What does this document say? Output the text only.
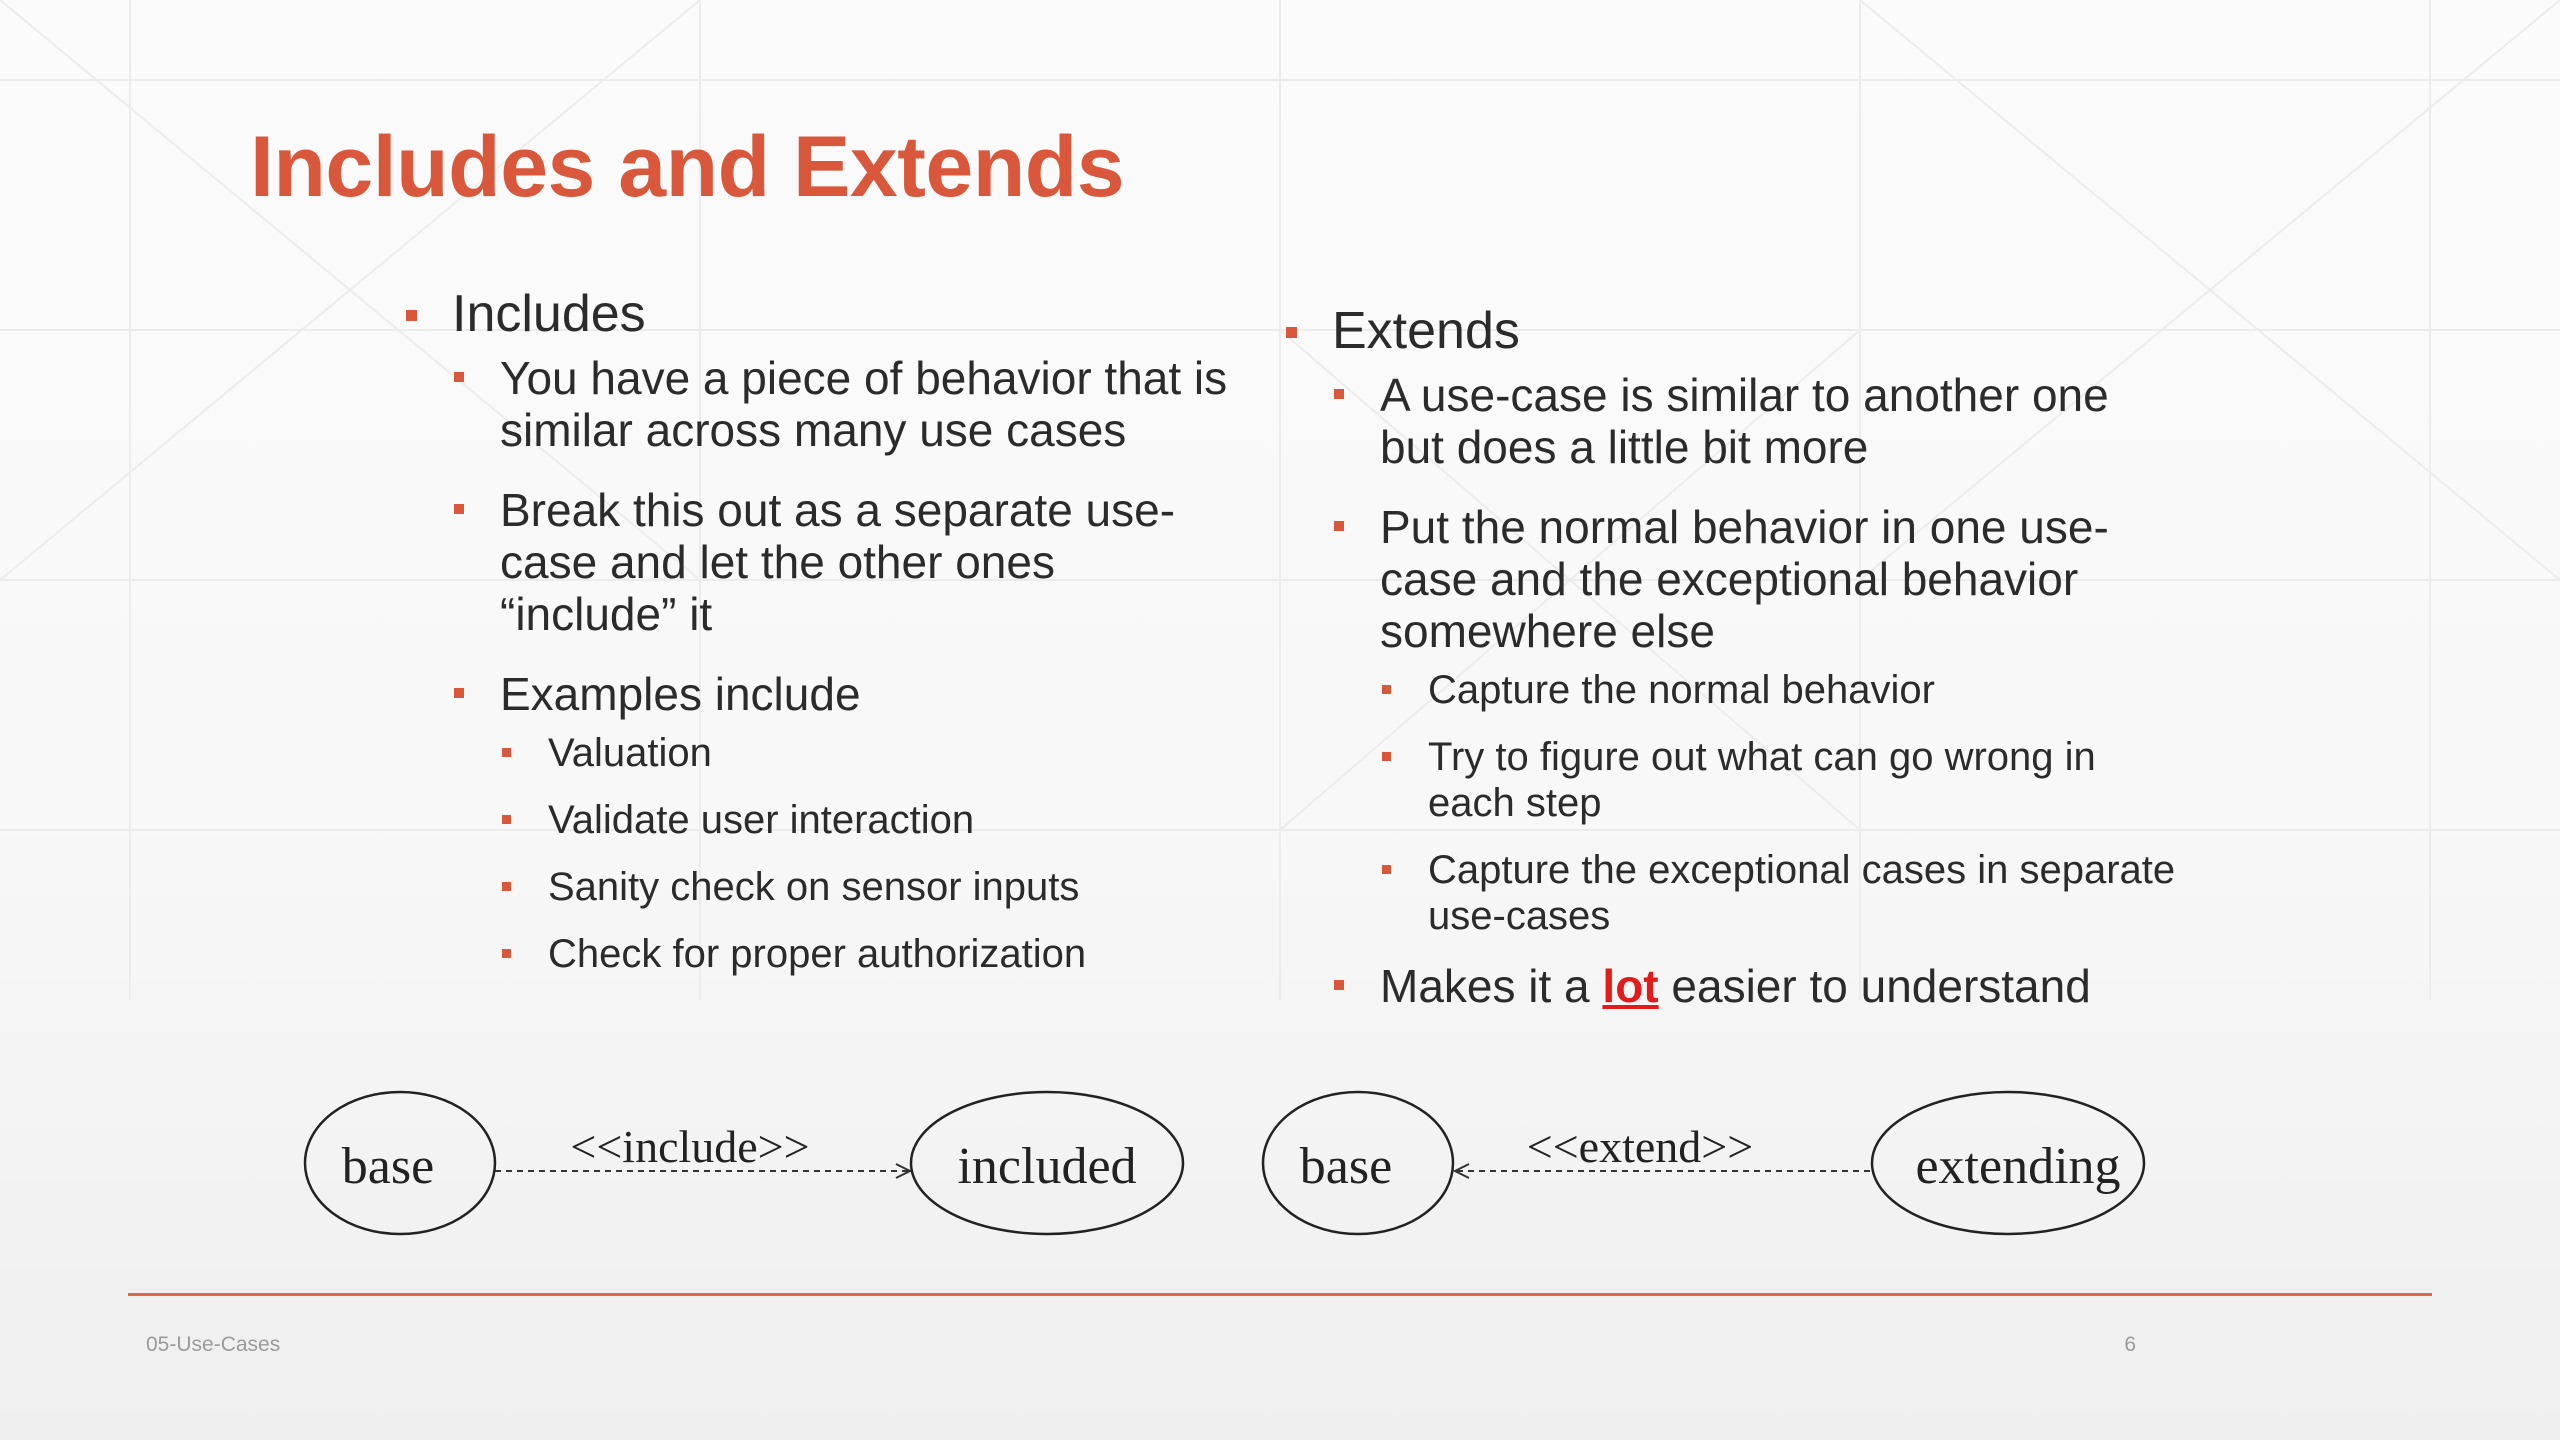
Includes and Extends
Includes
You have a piece of behavior that is similar across many use cases
Break this out as a separate use-case and let the other ones “include” it
Examples include
Valuation
Validate user interaction
Sanity check on sensor inputs
Check for proper authorization
Extends
A use-case is similar to another one but does a little bit more
Put the normal behavior in one use-case and the exceptional behavior somewhere else
Capture the normal behavior
Try to figure out what can go wrong in each step
Capture the exceptional cases in separate use-cases
Makes it a lot easier to understand
base	<<include>>	included	base	<<extend>>	extending
05-Use-Cases	6
